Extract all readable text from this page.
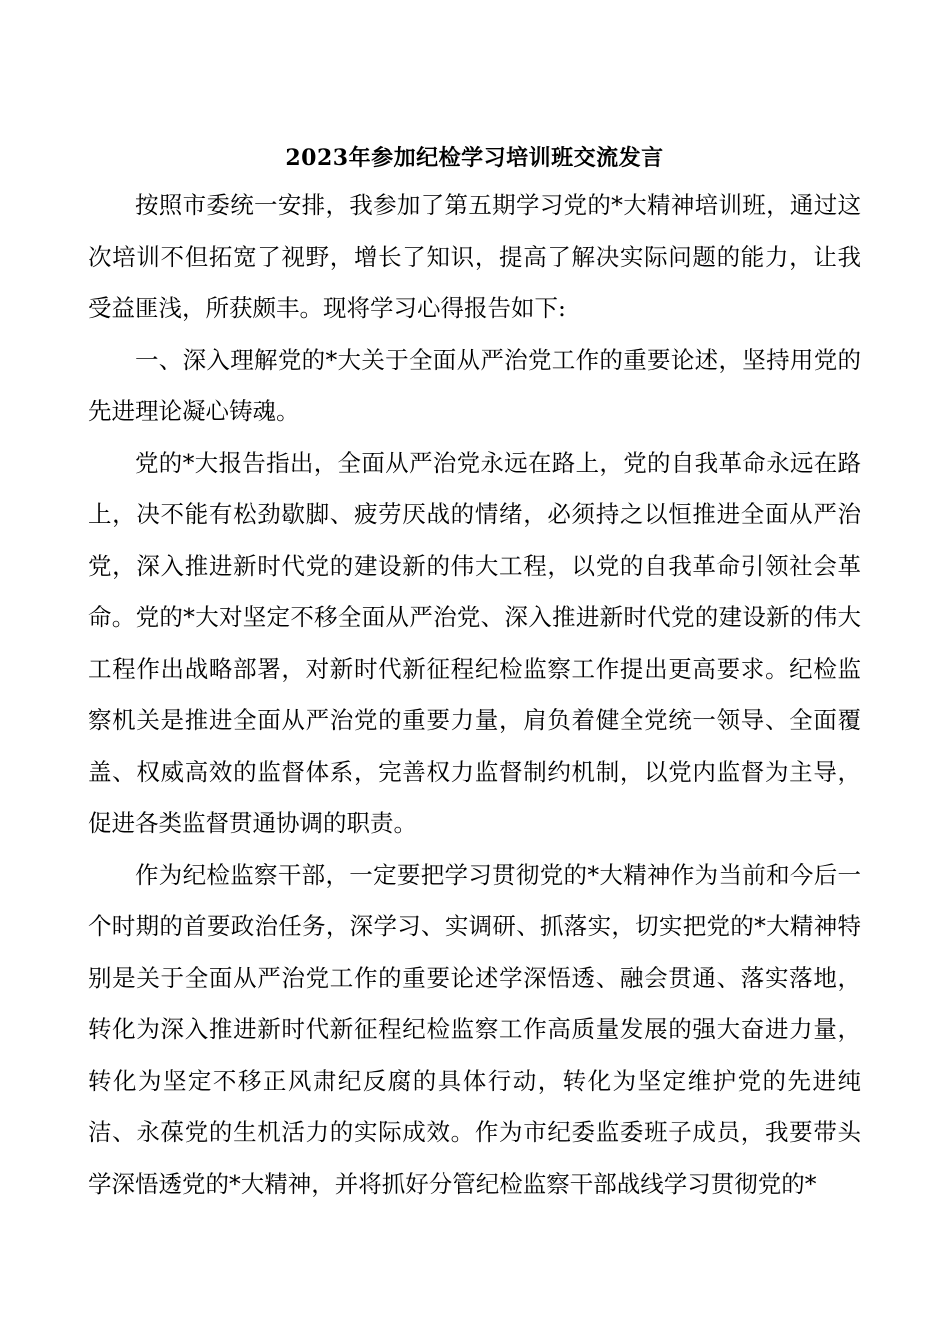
2023年参加纪检学习培训班交流发言

按照市委统一安排，我参加了第五期学习党的*大精神培训班，通过这次培训不但拓宽了视野，增长了知识，提高了解决实际问题的能力，让我受益匪浅，所获颇丰。现将学习心得报告如下:

一、深入理解党的*大关于全面从严治党工作的重要论述，坚持用党的先进理论凝心铸魂。

党的*大报告指出，全面从严治党永远在路上，党的自我革命永远在路上，决不能有松劲歇脚、疲劳厌战的情绪，必须持之以恒推进全面从严治党，深入推进新时代党的建设新的伟大工程，以党的自我革命引领社会革命。党的*大对坚定不移全面从严治党、深入推进新时代党的建设新的伟大工程作出战略部署，对新时代新征程纪检监察工作提出更高要求。纪检监察机关是推进全面从严治党的重要力量，肩负着健全党统一领导、全面覆盖、权威高效的监督体系，完善权力监督制约机制，以党内监督为主导，促进各类监督贯通协调的职责。

作为纪检监察干部，一定要把学习贯彻党的*大精神作为当前和今后一个时期的首要政治任务，深学习、实调研、抓落实，切实把党的*大精神特别是关于全面从严治党工作的重要论述学深悟透、融会贯通、落实落地，转化为深入推进新时代新征程纪检监察工作高质量发展的强大奋进力量，转化为坚定不移正风肃纪反腐的具体行动，转化为坚定维护党的先进纯洁、永葆党的生机活力的实际成效。作为市纪委监委班子成员，我要带头学深悟透党的*大精神，并将抓好分管纪检监察干部战线学习贯彻党的*
